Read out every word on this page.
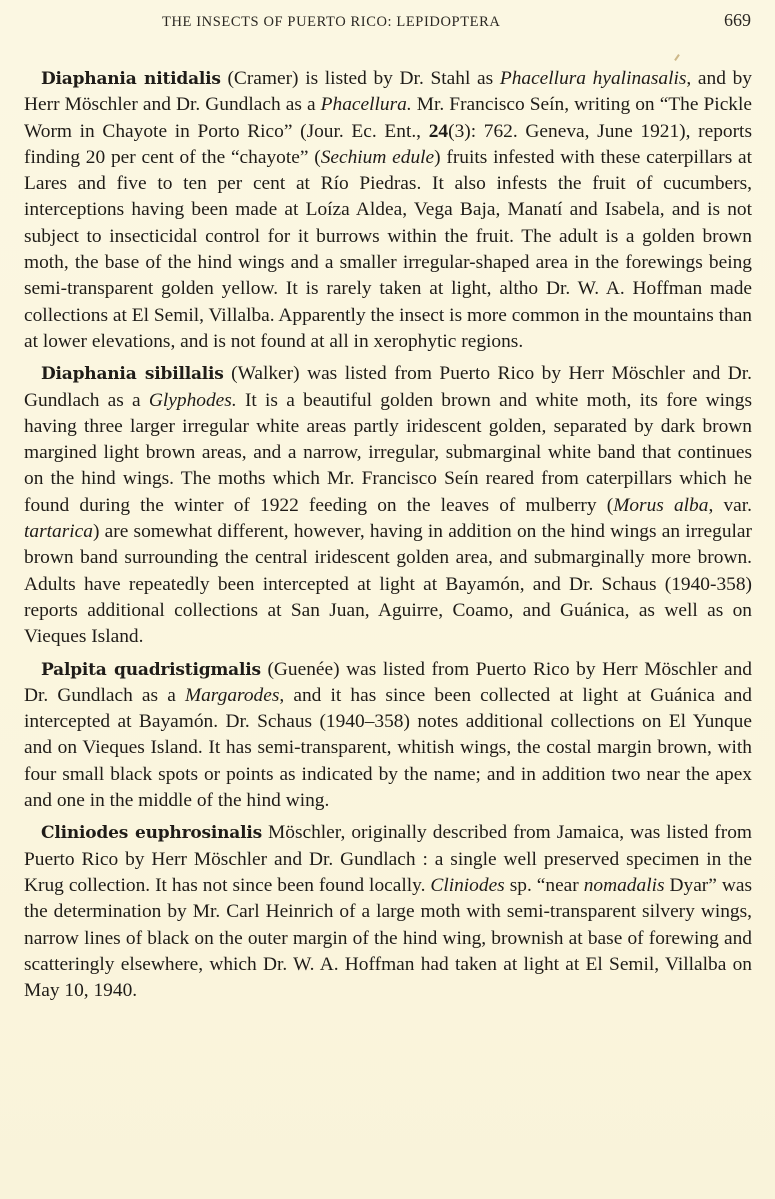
THE INSECTS OF PUERTO RICO: LEPIDOPTERA	669

Diaphania nitidalis (Cramer) is listed by Dr. Stahl as Phacellura hyalinasalis, and by Herr Möschler and Dr. Gundlach as a Phacellura. Mr. Francisco Seín, writing on “The Pickle Worm in Chayote in Porto Rico” (Jour. Ec. Ent., 24(3): 762. Geneva, June 1921), reports finding 20 per cent of the “chayote” (Sechium edule) fruits infested with these caterpillars at Lares and five to ten per cent at Río Piedras. It also infests the fruit of cucumbers, interceptions having been made at Loíza Aldea, Vega Baja, Manatí and Isabela, and is not subject to insecticidal control for it burrows within the fruit. The adult is a golden brown moth, the base of the hind wings and a smaller irregular-shaped area in the forewings being semi-transparent golden yellow. It is rarely taken at light, altho Dr. W. A. Hoffman made collections at El Semil, Villalba. Apparently the insect is more common in the mountains than at lower elevations, and is not found at all in xerophytic regions.

Diaphania sibillalis (Walker) was listed from Puerto Rico by Herr Möschler and Dr. Gundlach as a Glyphodes. It is a beautiful golden brown and white moth, its fore wings having three larger irregular white areas partly iridescent golden, separated by dark brown margined light brown areas, and a narrow, irregular, submarginal white band that continues on the hind wings. The moths which Mr. Francisco Seín reared from caterpillars which he found during the winter of 1922 feeding on the leaves of mulberry (Morus alba, var. tartarica) are somewhat different, however, having in addition on the hind wings an irregular brown band surrounding the central iridescent golden area, and submarginally more brown. Adults have repeatedly been intercepted at light at Bayamón, and Dr. Schaus (1940-358) reports additional collections at San Juan, Aguirre, Coamo, and Guánica, as well as on Vieques Island.

Palpita quadristigmalis (Guenée) was listed from Puerto Rico by Herr Möschler and Dr. Gundlach as a Margarodes, and it has since been collected at light at Guánica and intercepted at Bayamón. Dr. Schaus (1940–358) notes additional collections on El Yunque and on Vieques Island. It has semi-transparent, whitish wings, the costal margin brown, with four small black spots or points as indicated by the name; and in addition two near the apex and one in the middle of the hind wing.

Cliniodes euphrosinalis Möschler, originally described from Jamaica, was listed from Puerto Rico by Herr Möschler and Dr. Gundlach : a single well preserved specimen in the Krug collection. It has not since been found locally. Cliniodes sp. “near nomadalis Dyar” was the determination by Mr. Carl Heinrich of a large moth with semi-transparent silvery wings, narrow lines of black on the outer margin of the hind wing, brownish at base of forewing and scatteringly elsewhere, which Dr. W. A. Hoffman had taken at light at El Semil, Villalba on May 10, 1940.
